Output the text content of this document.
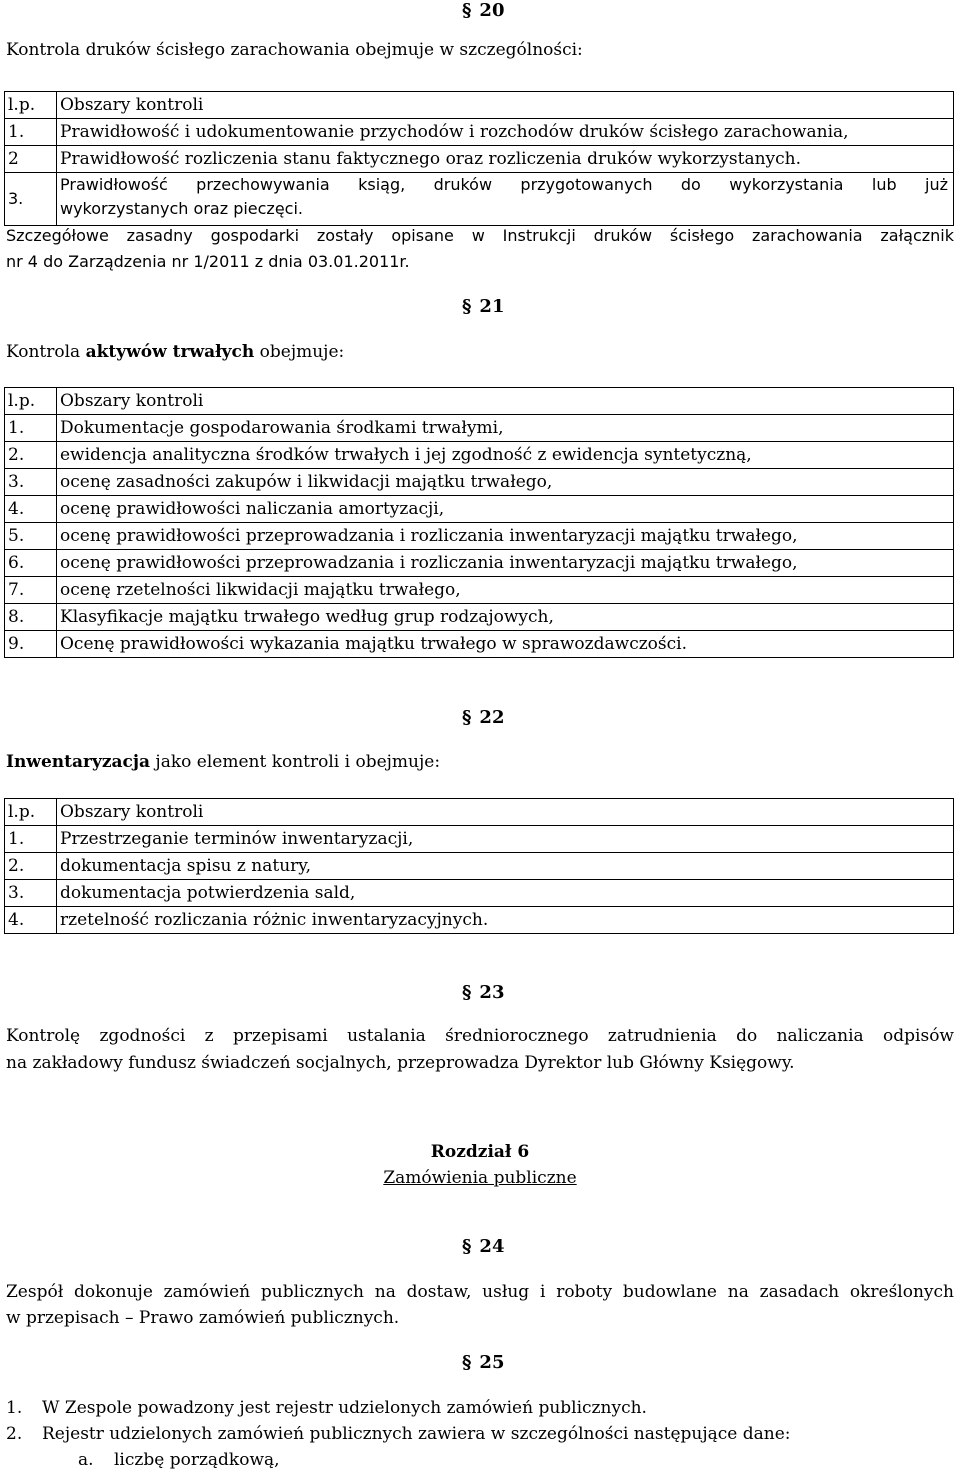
§ 20
Kontrola druków ścisłego zarachowania obejmuje w szczególności:
l.p.	Obszary kontroli
1.	Prawidłowość i udokumentowanie przychodów i rozchodów druków ścisłego zarachowania,
2	Prawidłowość rozliczenia stanu faktycznego oraz rozliczenia druków wykorzystanych.
3.	Prawidłowość przechowywania ksiąg, druków przygotowanych do wykorzystania lub już
wykorzystanych oraz pieczęci.
Szczegółowe zasadny gospodarki zostały opisane w Instrukcji druków ścisłego zarachowania załącznik
nr 4 do Zarządzenia nr 1/2011 z dnia 03.01.2011r.
§ 21
Kontrola aktywów trwałych obejmuje:
l.p.	Obszary kontroli
1.	Dokumentacje gospodarowania środkami trwałymi,
2.	ewidencja analityczna środków trwałych i jej zgodność z ewidencja syntetyczną,
3.	ocenę zasadności zakupów i likwidacji majątku trwałego,
4.	ocenę prawidłowości naliczania amortyzacji,
5.	ocenę prawidłowości przeprowadzania i rozliczania inwentaryzacji majątku trwałego,
6.	ocenę prawidłowości przeprowadzania i rozliczania inwentaryzacji majątku trwałego,
7.	ocenę rzetelności likwidacji majątku trwałego,
8.	Klasyfikacje majątku trwałego według grup rodzajowych,
9.	Ocenę prawidłowości wykazania majątku trwałego w sprawozdawczości.
§ 22
Inwentaryzacja jako element kontroli i obejmuje:
l.p.	Obszary kontroli
1.	Przestrzeganie terminów inwentaryzacji,
2.	dokumentacja spisu z natury,
3.	dokumentacja potwierdzenia sald,
4.	rzetelność rozliczania różnic inwentaryzacyjnych.
§ 23
Kontrolę zgodności z przepisami ustalania średniorocznego zatrudnienia do naliczania odpisów
na zakładowy fundusz świadczeń socjalnych, przeprowadza Dyrektor lub Główny Księgowy.
Rozdział 6
Zamówienia publiczne
§ 24
Zespół dokonuje zamówień publicznych na dostaw, usług i roboty budowlane na zasadach określonych
w przepisach – Prawo zamówień publicznych.
§ 25
1. W Zespole powadzony jest rejestr udzielonych zamówień publicznych.
2. Rejestr udzielonych zamówień publicznych zawiera w szczególności następujące dane:
a. liczbę porządkową,
